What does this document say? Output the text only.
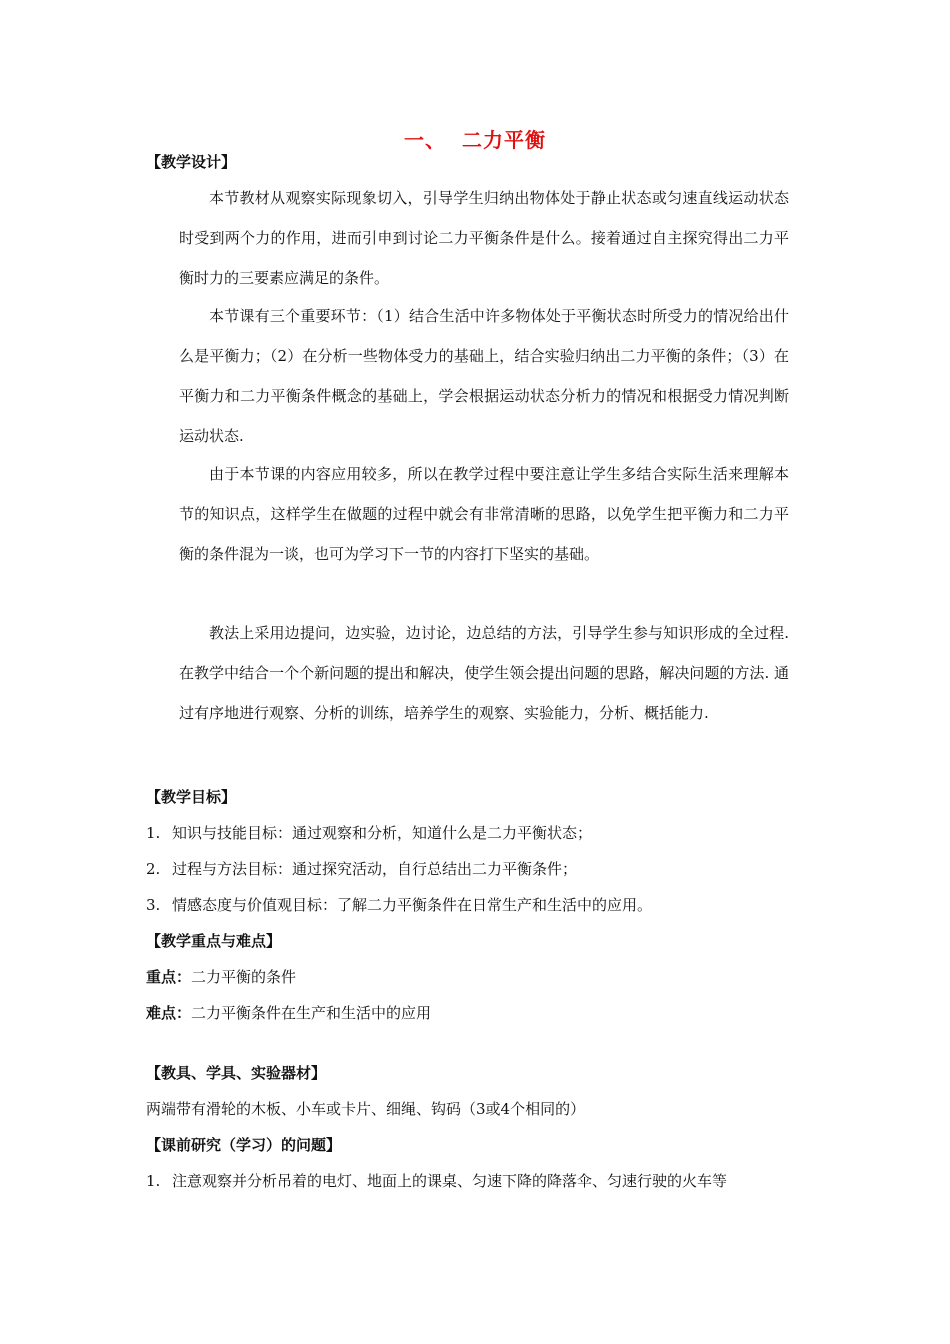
一、  二力平衡
【教学设计】

本节教材从观察实际现象切入，引导学生归纳出物体处于静止状态或匀速直线运动状态时受到两个力的作用，进而引申到讨论二力平衡条件是什么。接着通过自主探究得出二力平衡时力的三要素应满足的条件。

本节课有三个重要环节：（1）结合生活中许多物体处于平衡状态时所受力的情况给出什么是平衡力；（2）在分析一些物体受力的基础上，结合实验归纳出二力平衡的条件；（3）在平衡力和二力平衡条件概念的基础上，学会根据运动状态分析力的情况和根据受力情况判断运动状态.

由于本节课的内容应用较多，所以在教学过程中要注意让学生多结合实际生活来理解本节的知识点，这样学生在做题的过程中就会有非常清晰的思路，以免学生把平衡力和二力平衡的条件混为一谈，也可为学习下一节的内容打下坚实的基础。

教法上采用边提问，边实验，边讨论，边总结的方法，引导学生参与知识形成的全过程. 在教学中结合一个个新问题的提出和解决，使学生领会提出问题的思路，解决问题的方法. 通过有序地进行观察、分析的训练，培养学生的观察、实验能力，分析、概括能力.

【教学目标】
1. 知识与技能目标：通过观察和分析，知道什么是二力平衡状态；
2. 过程与方法目标：通过探究活动，自行总结出二力平衡条件；
3. 情感态度与价值观目标：了解二力平衡条件在日常生产和生活中的应用。
【教学重点与难点】
重点：二力平衡的条件
难点：二力平衡条件在生产和生活中的应用
【教具、学具、实验器材】
两端带有滑轮的木板、小车或卡片、细绳、钩码（3或4个相同的）
【课前研究（学习）的问题】
1. 注意观察并分析吊着的电灯、地面上的课桌、匀速下降的降落伞、匀速行驶的火车等
